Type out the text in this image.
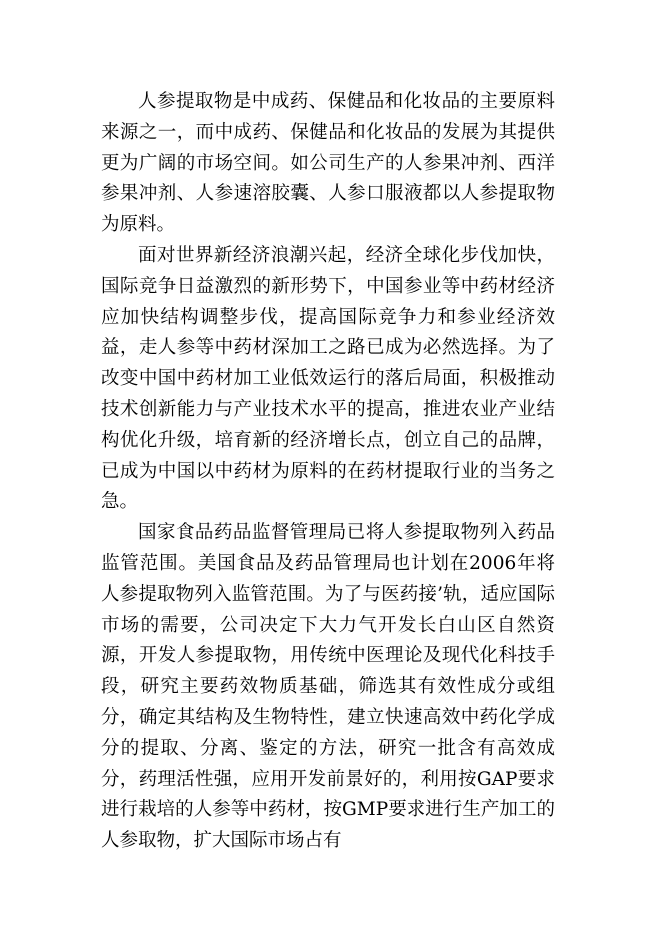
人参提取物是中成药、保健品和化妆品的主要原料来源之一，而中成药、保健品和化妆品的发展为其提供更为广阔的市场空间。如公司生产的人参果冲剂、西洋参果冲剂、人参速溶胶囊、人参口服液都以人参提取物为原料。

面对世界新经济浪潮兴起，经济全球化步伐加快，国际竞争日益激烈的新形势下，中国参业等中药材经济应加快结构调整步伐，提高国际竞争力和参业经济效益，走人参等中药材深加工之路已成为必然选择。为了改变中国中药材加工业低效运行的落后局面，积极推动技术创新能力与产业技术水平的提高，推进农业产业结构优化升级，培育新的经济增长点，创立自己的品牌，已成为中国以中药材为原料的在药材提取行业的当务之急。

国家食品药品监督管理局已将人参提取物列入药品监管范围。美国食品及药品管理局也计划在2006年将人参提取物列入监管范围。为了与医药接’轨，适应国际市场的需要，公司决定下大力气开发长白山区自然资源，开发人参提取物，用传统中医理论及现代化科技手段，研究主要药效物质基础，筛选其有效性成分或组分，确定其结构及生物特性，建立快速高效中药化学成分的提取、分离、鉴定的方法，研究一批含有高效成分，药理活性强，应用开发前景好的，利用按GAP要求进行栽培的人参等中药材，按GMP要求进行生产加工的人参取物，扩大国际市场占有
